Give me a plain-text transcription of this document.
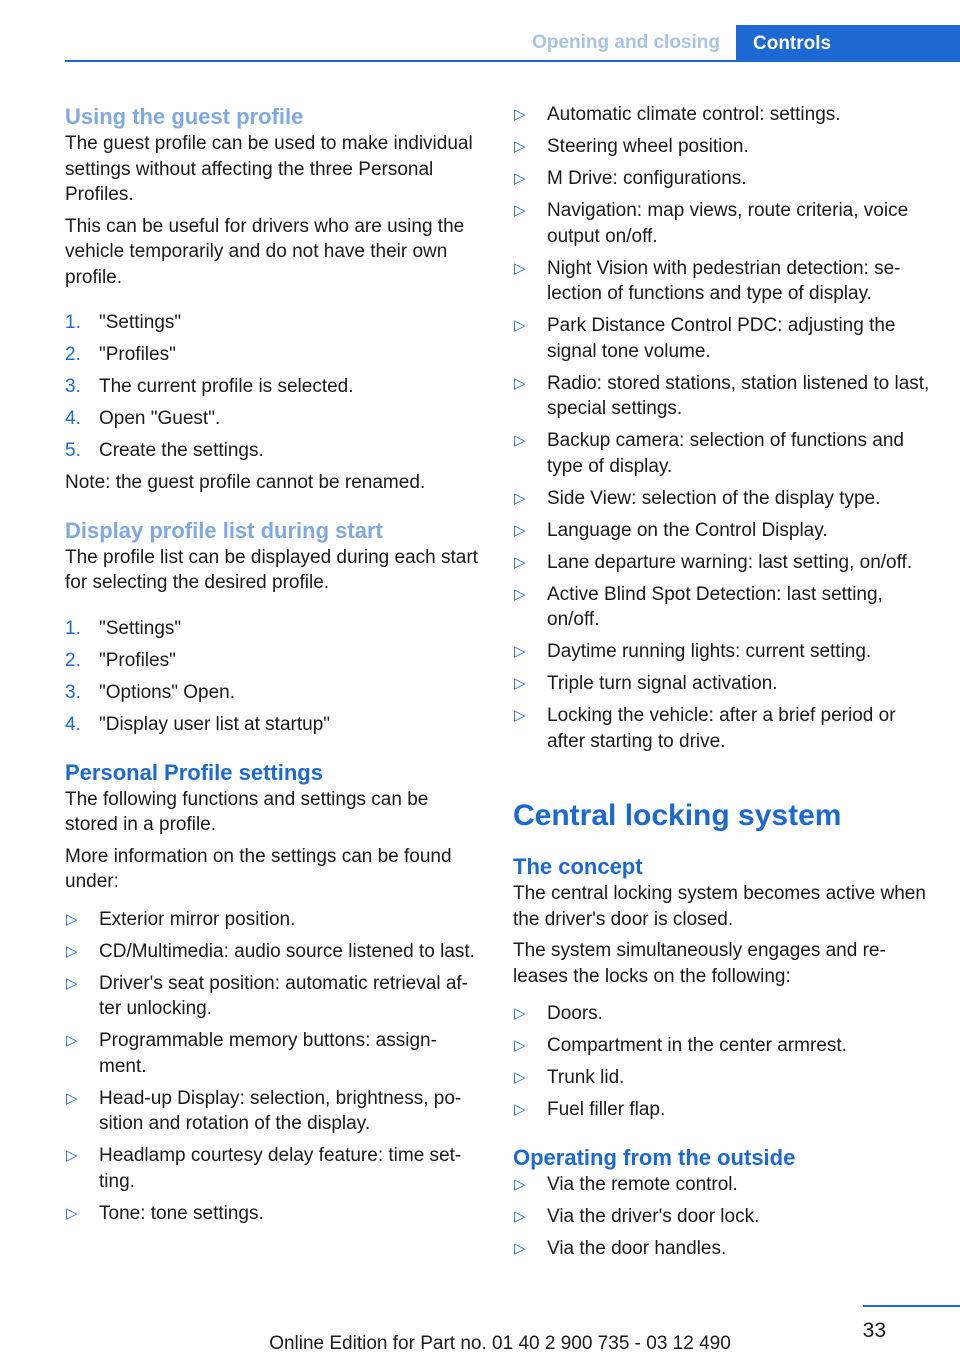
Opening and closing	Controls
Using the guest profile
The guest profile can be used to make individual settings without affecting the three Personal Profiles.
This can be useful for drivers who are using the vehicle temporarily and do not have their own profile.
1. "Settings"
2. "Profiles"
3. The current profile is selected.
4. Open "Guest".
5. Create the settings.
Note: the guest profile cannot be renamed.
Display profile list during start
The profile list can be displayed during each start for selecting the desired profile.
1. "Settings"
2. "Profiles"
3. "Options" Open.
4. "Display user list at startup"
Personal Profile settings
The following functions and settings can be stored in a profile.
More information on the settings can be found under:
▷ Exterior mirror position.
▷ CD/Multimedia: audio source listened to last.
▷ Driver's seat position: automatic retrieval af‐ter unlocking.
▷ Programmable memory buttons: assign‐ment.
▷ Head-up Display: selection, brightness, po‐sition and rotation of the display.
▷ Headlamp courtesy delay feature: time set‐ting.
▷ Tone: tone settings.
▷ Automatic climate control: settings.
▷ Steering wheel position.
▷ M Drive: configurations.
▷ Navigation: map views, route criteria, voice output on/off.
▷ Night Vision with pedestrian detection: se‐lection of functions and type of display.
▷ Park Distance Control PDC: adjusting the signal tone volume.
▷ Radio: stored stations, station listened to last, special settings.
▷ Backup camera: selection of functions and type of display.
▷ Side View: selection of the display type.
▷ Language on the Control Display.
▷ Lane departure warning: last setting, on/off.
▷ Active Blind Spot Detection: last setting, on/off.
▷ Daytime running lights: current setting.
▷ Triple turn signal activation.
▷ Locking the vehicle: after a brief period or after starting to drive.
Central locking system
The concept
The central locking system becomes active when the driver's door is closed.
The system simultaneously engages and re‐leases the locks on the following:
▷ Doors.
▷ Compartment in the center armrest.
▷ Trunk lid.
▷ Fuel filler flap.
Operating from the outside
▷ Via the remote control.
▷ Via the driver's door lock.
▷ Via the door handles.
33
Online Edition for Part no. 01 40 2 900 735 - 03 12 490
